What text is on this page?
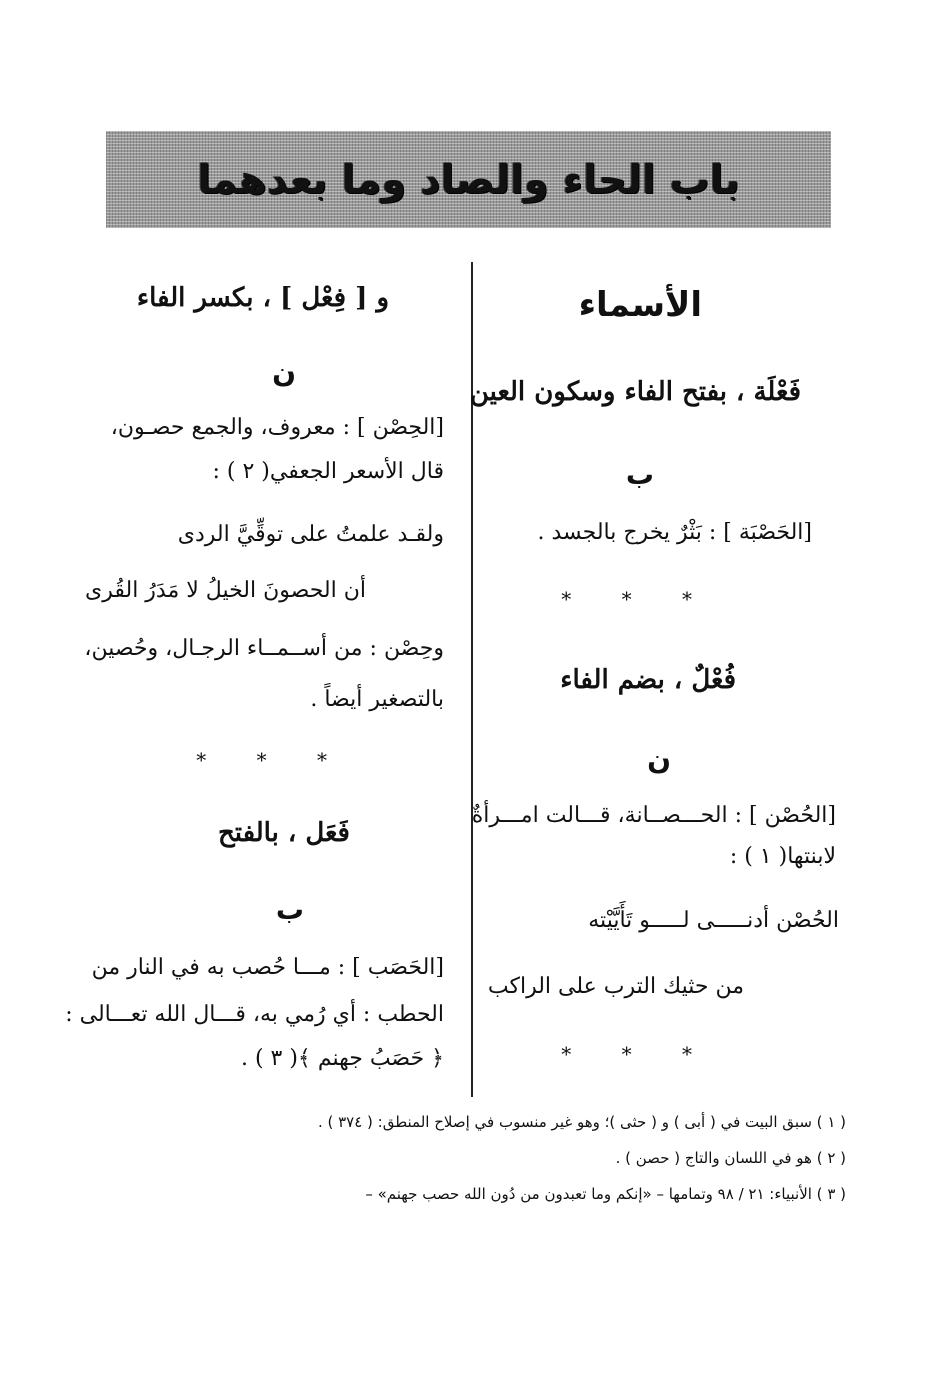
باب الحاء والصاد وما بعدهما
الأسماء
فَعْلَة ، بفتح الفاء وسكون العين
ب
[الحَصْبَة ] : بَثْرٌ يخرج بالجسد .
* * *
فُعْلٌ ، بضم الفاء
ن
[الحُصْن ] : الحـــصــانة، قـــالت امـــرأةٌ
لابنتها( ١ ) :
الحُصْن أدنـــــى لـــــو تَأَيَّيْته
من حثيك الترب على الراكب
* * *
و [ فِعْل ] ، بكسر الفاء
ن
[الحِصْن ] : معروف، والجمع حصـون،
قال الأسعر الجعفي( ٢ ) :
ولقـد علمتُ على توقِّيَّ الردى
أن الحصونَ الخيلُ لا مَدَرُ القُرى
وحِصْن : من أســمــاء الرجـال، وحُصين،
بالتصغير أيضاً .
* * *
فَعَل ، بالفتح
ب
[الحَصَب ] : مـــا حُصب به في النار من
الحطب : أي رُمي به، قـــال الله تعـــالى :
﴿ حَصَبُ جهنم ﴾( ٣ ) .
( ١ ) سبق البيت في ( أبى ) و ( حثى )؛ وهو غير منسوب في إصلاح المنطق: ( ٣٧٤ ) .
( ٢ ) هو في اللسان والتاج ( حصن ) .
( ٣ ) الأنبياء: ٢١ / ٩٨ وتمامها – «إنكم وما تعبدون من دُون الله حصب جهنم» –
